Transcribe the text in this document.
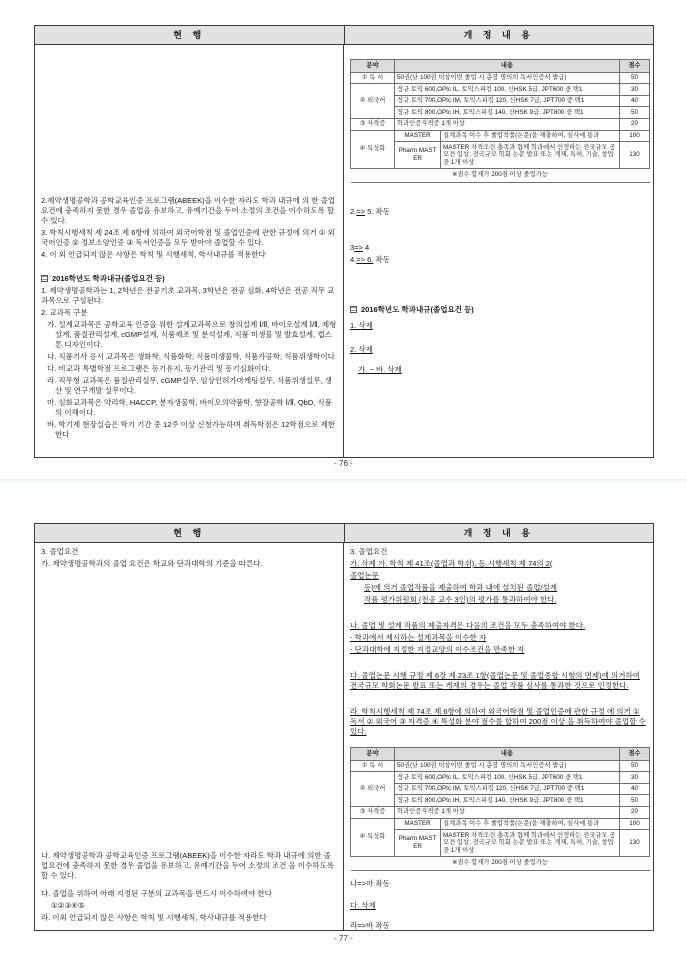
현 행	개 정 내 용

2.제약생명공학과 공학교육인증 프로그램(ABEEK)을 이수한 자라도 학과 내규에 의 한 졸업요건에 충족하지 못한 경우 졸업을 유보하고, 유예기간을 두어 소정의 조건을 이수하도록 할 수 있다.

3. 학칙시행세칙 제 24조 제 6항에 의하여 외국어학점 및 졸업인증에 관한 규정에 의거 ① 외국어인증 ② 정보소양인증 ③ 독서인증을 모두 받아야 졸업할 수 있다.

4. 이 외 언급되지 않은 사항은 학칙 및 시행세칙, 학사내규를 적용한다

2016학년도 학과내규(졸업요건 등)

1. 제약생명공학과는 1, 2학년은 전공기초 교과목, 3학년은 전공 심화, 4학년은 전공 직무 교과목으로 구성된다.

2. 교과목 구분

가. 설계교과목은 공학교육 인증을 위한 설계교과목으로 창의설계 Ⅰ/Ⅱ, 바이오설계 Ⅰ/Ⅱ, 제형설계, 품질관리설계, cGMP설계, 식품제조 및 분석설계, 식품 미생물 및 발효설계, 캡스톤 디자인이다.

나. 식품기사 응시 교과목은 생화학, 식품화학, 식품미생물학, 식품가공학, 식품위생학이다.

다. 비교과 특별학점 프로그램은 동기유지, 동기관리 및 동기심화이다.

라. 직무형 교과목은 품질관리실무, cGMP실무, 임상인허가마케팅실무, 식품위생실무, 생산 및 연구개발 실무이다.

마. 심화교과목은 약리학, HACCP, 분자생물학, 바이오의약품학, 향장공학 Ⅰ/Ⅱ, QbD, 식품의 이해이다.

바. 학기제 현장실습은 학기 기간 중 12주 이상 신청가능하며 취득학점은 12학점으로 제한한다

분야	내용		점수
① 독 서	50권(단 100권 이상이면 졸업 시 총장 명의의 독서인증서 발급)		50
② 외국어	정규 토익 600,OPIc IL, 토익스피킹 100, 신HSK 5급, JPT600 중 택1		30
	정규 토익 700,OPIc IM, 토익스피킹 120, 신HSK 7급, JPT700 중 택1		40
	정규 토익 800,OPIc IH, 토익스피킹 140, 신HSK 9급, JPT800 중 택1		50
③ 자격증	학과인증자격증 1개 이상		20
④ 특성화	MASTER	설계과목 이수 후 졸업작품(논문)을 제출하여, 심사에 통과	100
	Pharm MASTER	MASTER 자격조건 충족과 함께 학과에서 인정하는 전국규모 공모전 입상, 전국규모 학회 논문 발표 또는 게재, 특허, 기술, 창업 중 1개 이상	130
※점수 합계가 200점 이상 졸업가능			

2.=> 5. 좌동

3=> 4

4.=> 6. 좌동

2016학년도 학과내규(졸업요건 등)

1. 삭제

2. 삭제

가. ~ 바. 삭제

- 76 -
현 행	개 정 내 용

3. 졸업요건

가. 제약생명공학과의 졸업 요건은 학교와 단과대학의 기준을 따른다.

나. 제약생명공학과 공학교육인증 프로그램(ABEEK)을 이수한 자라도 학과 내규에 의한 졸업요건에 충족하지 못한 경우 졸업을 유보하고, 유예기간을 두어 소정의 조건 을 이수하도록 할 수 있다.

다. 졸업을 위하여 아래 지정된 구분의 교과목을 반드시 이수하여야 한다

①②③④⑤

라. 이외 언급되지 않은 사항은 학칙 및 시행세칙, 학사내규를 적용한다

3. 졸업요건

가. 삭제 가. 학칙 제 41조(졸업과 학위), 동 시행세칙 제 74의 2(

졸업논문

등)에 의거 졸업작품을 제출하여 학과 내에 설치된 졸업/설계

작품 평가위원회 (전공 교수 3인)의 평가를 통과하여야 한다.

나. 졸업 및 설계 작품의 제출자격은 다음의 조건을 모두 충족하여야 한다.

- 학과에서 제시하는 설계과목을 이수한 자

- 단과대학에 지정한 지정교양의 이수조건을 만족한 자

다. 졸업논문 시행 규정 제 6장 제 23조 1항(졸업논문 및 졸업종합 시험의 면제)에 의거하여 전국규모 학회논문 발표 또는 게재의 경우는 졸업 작품 심사를 통과한 것으로 인정한다.

라. 학칙시행세칙 제 74조 제 6항에 의하여 외국어학점 및 졸업인증에 관한 규정 에 의거 ① 독서 ② 외국어 ③ 자격증 ④ 특성화 분야 점수를 합하여 200점 이상 을 취득하여야 졸업할 수 있다.

분야	내용		점수
① 독 서	50권(단 100권 이상이면 졸업 시 총장 명의의 독서인증서 발급)		50
② 외국어	정규 토익 600,OPIc IL, 토익스피킹 100, 신HSK 5급, JPT600 중 택1		30
	정규 토익 700,OPIc IM, 토익스피킹 120, 신HSK 7급, JPT700 중 택1		40
	정규 토익 800,OPIc IH, 토익스피킹 140, 신HSK 9급, JPT800 중 택1		50
③ 자격증	학과인증자격증 1개 이상		20
④ 특성화	MASTER	설계과목 이수 후 졸업작품(논문)을 제출하여, 심사에 통과	100
	Pharm MASTER	MASTER 자격조건 충족과 함께 학과에서 인정하는 전국규모 공모전 입상, 전국규모 학회 논문 발표 또는 게재, 특허, 기술, 창업 중 1개 이상	130
※점수 합계가 200점 이상 졸업가능			

나=>마 좌동

다. 삭제

라=>바 좌동

- 77 -
